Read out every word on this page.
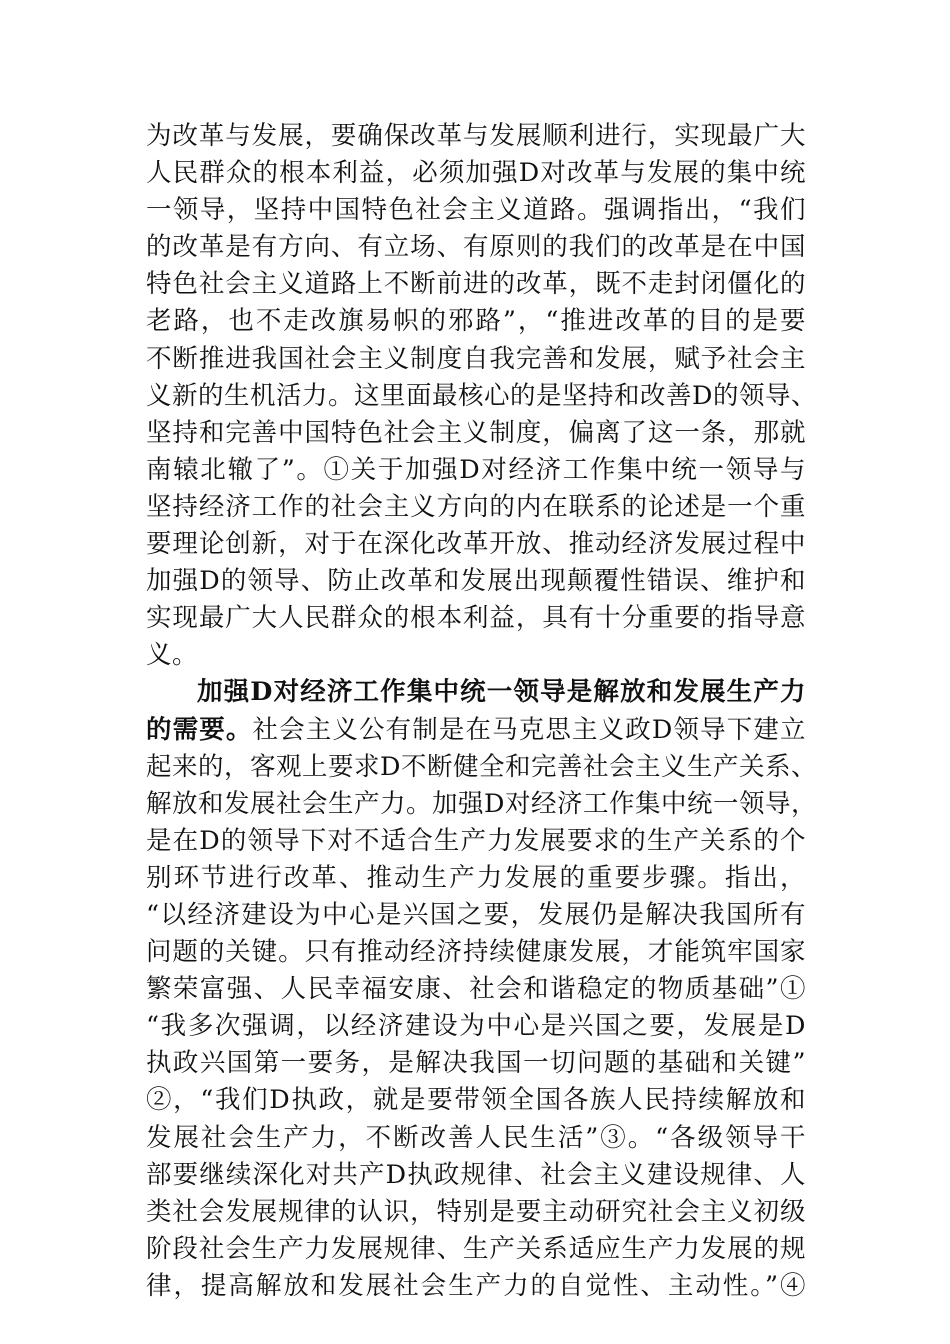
为改革与发展，要确保改革与发展顺利进行，实现最广大
人民群众的根本利益，必须加强D对改革与发展的集中统
一领导，坚持中国特色社会主义道路。强调指出，“我们
的改革是有方向、有立场、有原则的我们的改革是在中国
特色社会主义道路上不断前进的改革，既不走封闭僵化的
老路，也不走改旗易帜的邪路”，“推进改革的目的是要
不断推进我国社会主义制度自我完善和发展，赋予社会主
义新的生机活力。这里面最核心的是坚持和改善D的领导、
坚持和完善中国特色社会主义制度，偏离了这一条，那就
南辕北辙了”。①关于加强D对经济工作集中统一领导与
坚持经济工作的社会主义方向的内在联系的论述是一个重
要理论创新，对于在深化改革开放、推动经济发展过程中
加强D的领导、防止改革和发展出现颠覆性错误、维护和
实现最广大人民群众的根本利益，具有十分重要的指导意
义。
加强D对经济工作集中统一领导是解放和发展生产力
的需要。社会主义公有制是在马克思主义政D领导下建立
起来的，客观上要求D不断健全和完善社会主义生产关系、
解放和发展社会生产力。加强D对经济工作集中统一领导，
是在D的领导下对不适合生产力发展要求的生产关系的个
别环节进行改革、推动生产力发展的重要步骤。指出，
“以经济建设为中心是兴国之要，发展仍是解决我国所有
问题的关键。只有推动经济持续健康发展，才能筑牢国家
繁荣富强、人民幸福安康、社会和谐稳定的物质基础”①
“我多次强调，以经济建设为中心是兴国之要，发展是D
执政兴国第一要务，是解决我国一切问题的基础和关键”
②，“我们D执政，就是要带领全国各族人民持续解放和
发展社会生产力，不断改善人民生活”③。“各级领导干
部要继续深化对共产D执政规律、社会主义建设规律、人
类社会发展规律的认识，特别是要主动研究社会主义初级
阶段社会生产力发展规律、生产关系适应生产力发展的规
律，提高解放和发展社会生产力的自觉性、主动性。”④
